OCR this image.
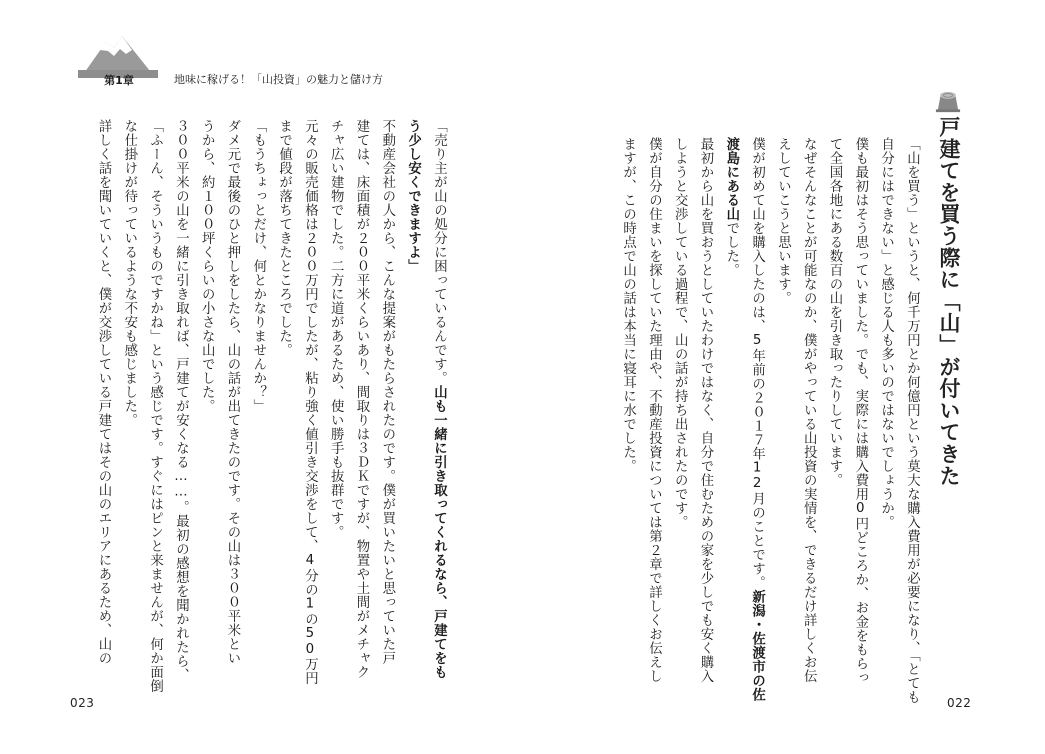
第1章	地味に稼げる！「山投資」の魅力と儲け方
戸建てを買う際に「山」が付いてきた
「山を買う」というと、何千万円とか何億円という莫大な購入費用が必要になり、「とても
自分にはできない」と感じる人も多いのではないでしょうか。
僕も最初はそう思っていました。でも、実際には購入費用0円どころか、お金をもらっ
て全国各地にある数百の山を引き取ったりしています。
なぜそんなことが可能なのか、僕がやっている山投資の実情を、できるだけ詳しくお伝
えしていこうと思います。
僕が初めて山を購入したのは、5年前の２０１７年12月のことです。新潟・佐渡市の佐
渡島にある山でした。
最初から山を買おうとしていたわけではなく、自分で住むための家を少しでも安く購入
しようと交渉している過程で、山の話が持ち出されたのです。
僕が自分の住まいを探していた理由や、不動産投資については第２章で詳しくお伝えし
ますが、この時点で山の話は本当に寝耳に水でした。
「売り主が山の処分に困っているんです。山も一緒に引き取ってくれるなら、戸建てをも
う少し安くできますよ」
不動産会社の人から、こんな提案がもたらされたのです。僕が買いたいと思っていた戸
建ては、床面積が２００平米くらいあり、間取りは３ＤＫですが、物置や土間がメチャク
チャ広い建物でした。二方に道があるため、使い勝手も抜群です。
元々の販売価格は２００万円でしたが、粘り強く値引き交渉をして、4分の1の50万円
まで値段が落ちてきたところでした。
「もうちょっとだけ、何とかなりませんか？」
ダメ元で最後のひと押しをしたら、山の話が出てきたのです。その山は３００平米とい
うから、約１００坪くらいの小さな山でした。
３００平米の山を一緒に引き取れば、戸建てが安くなる……。最初の感想を聞かれたら、
「ふーん、そういうものですかね」という感じです。すぐにはピンと来ませんが、何か面倒
な仕掛けが待っているような不安も感じました。
詳しく話を聞いていくと、僕が交渉している戸建てはその山のエリアにあるため、山の
022
023
